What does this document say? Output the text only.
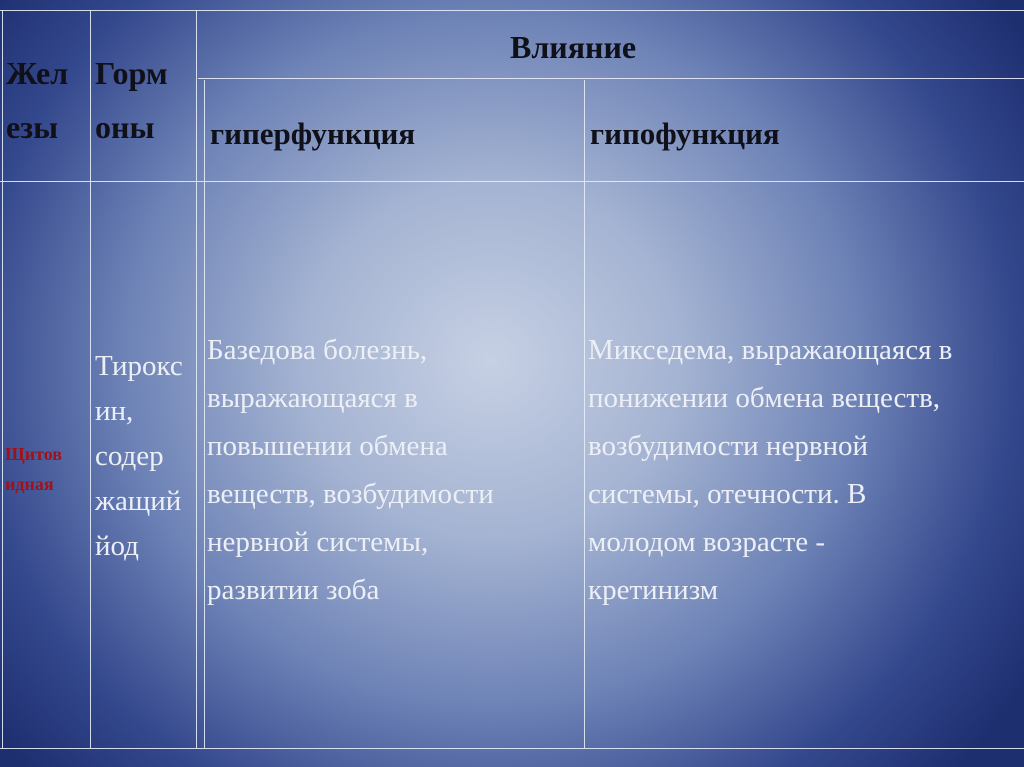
Жел
езы
Горм
оны
Влияние
гиперфункция	гипофункция
Щитов
идная
Тирокс
ин,
содер
жащий
йод
Базедова болезнь,
выражающаяся в
повышении обмена
веществ, возбудимости
нервной системы,
развитии зоба
Микседема, выражающаяся в
понижении обмена веществ,
возбудимости нервной
системы, отечности. В
молодом возрасте -
кретинизм
